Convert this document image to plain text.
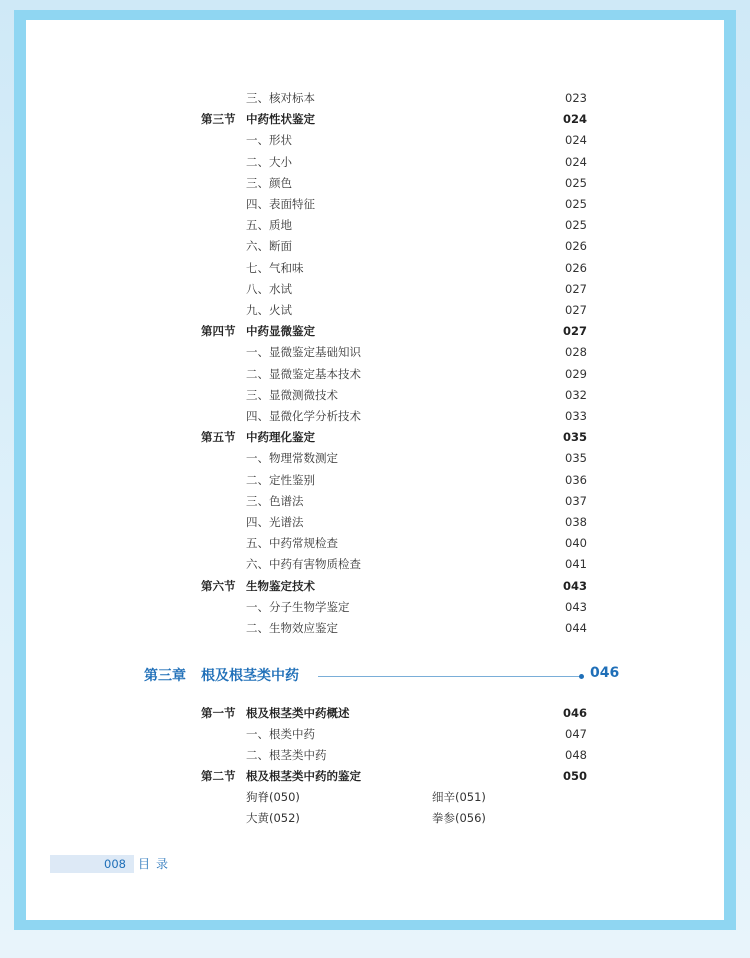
三、核对标本	023
第三节 中药性状鉴定	024
一、形状	024
二、大小	024
三、颜色	025
四、表面特征	025
五、质地	025
六、断面	026
七、气和味	026
八、水试	027
九、火试	027
第四节 中药显微鉴定	027
一、显微鉴定基础知识	028
二、显微鉴定基本技术	029
三、显微测微技术	032
四、显微化学分析技术	033
第五节 中药理化鉴定	035
一、物理常数测定	035
二、定性鉴别	036
三、色谱法	037
四、光谱法	038
五、中药常规检查	040
六、中药有害物质检查	041
第六节 生物鉴定技术	043
一、分子生物学鉴定	043
二、生物效应鉴定	044
第三章 根及根茎类中药	046
第一节 根及根茎类中药概述	046
一、根类中药	047
二、根茎类中药	048
第二节 根及根茎类中药的鉴定	050
狗脊(050)	细辛(051)
大黄(052)	拳参(056)
008 目录
